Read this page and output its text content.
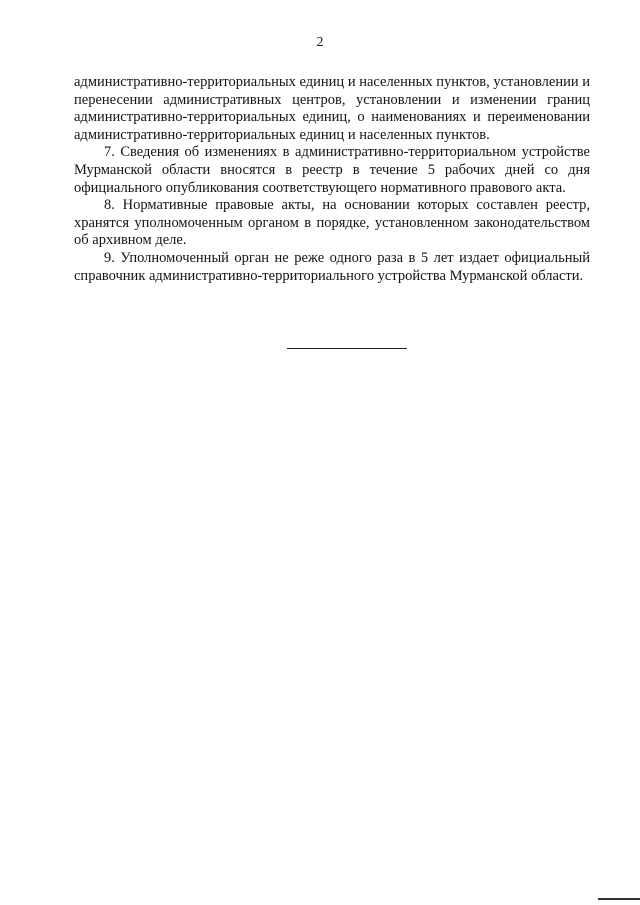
2

административно-территориальных единиц и населенных пунктов, установлении и перенесении административных центров, установлении и изменении границ административно-территориальных единиц, о наименованиях и переименовании административно-территориальных единиц и населенных пунктов.

7. Сведения об изменениях в административно-территориальном устройстве Мурманской области вносятся в реестр в течение 5 рабочих дней со дня официального опубликования соответствующего нормативного правового акта.

8. Нормативные правовые акты, на основании которых составлен реестр, хранятся уполномоченным органом в порядке, установленном законодательством об архивном деле.

9. Уполномоченный орган не реже одного раза в 5 лет издает официальный справочник административно-территориального устройства Мурманской области.
